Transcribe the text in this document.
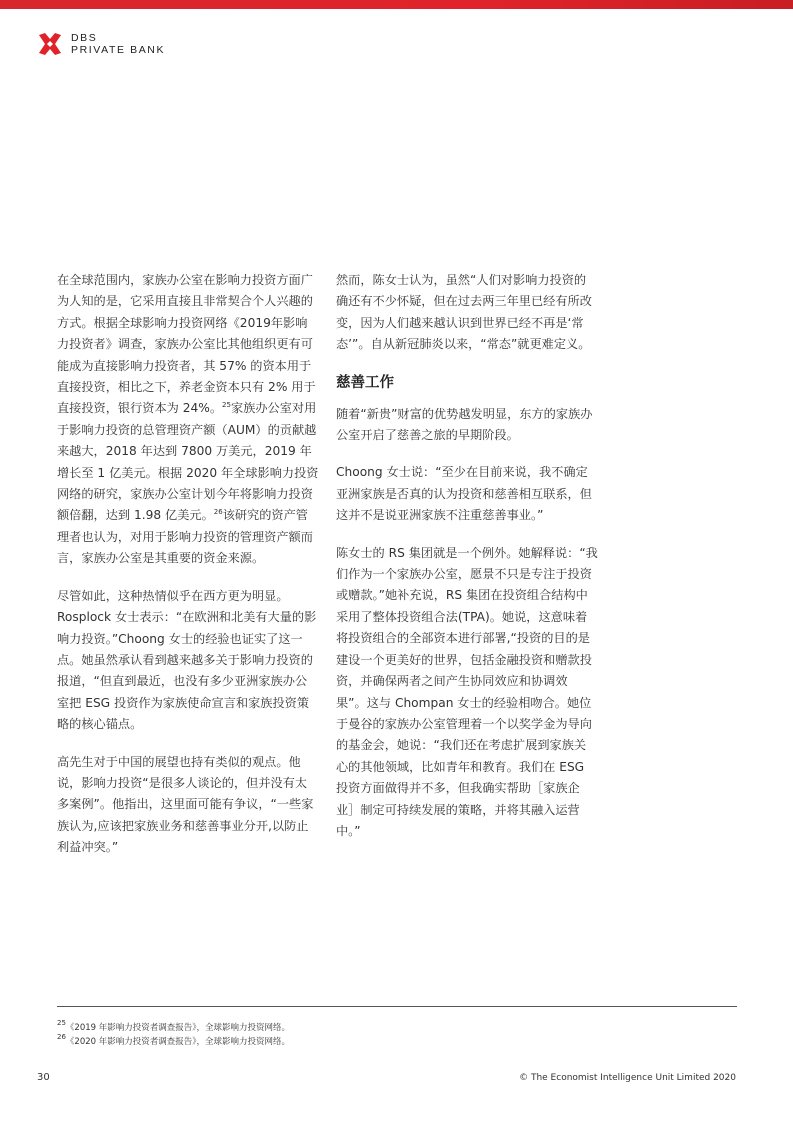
DBS
PRIVATE BANK

在全球范围内，家族办公室在影响力投资方面广为人知的是，它采用直接且非常契合个人兴趣的方式。根据全球影响力投资网络《2019年影响力投资者》调查，家族办公室比其他组织更有可能成为直接影响力投资者，其 57% 的资本用于直接投资，相比之下，养老金资本只有 2% 用于直接投资，银行资本为 24%。$^{25}$家族办公室对用于影响力投资的总管理资产额（AUM）的贡献越来越大，2018 年达到 7800 万美元，2019 年增长至 1 亿美元。根据 2020 年全球影响力投资网络的研究，家族办公室计划今年将影响力投资额倍翻，达到 1.98 亿美元。$^{26}$该研究的资产管理者也认为，对用于影响力投资的管理资产额而言，家族办公室是其重要的资金来源。

尽管如此，这种热情似乎在西方更为明显。Rosplock 女士表示：“在欧洲和北美有大量的影响力投资。”Choong 女士的经验也证实了这一点。她虽然承认看到越来越多关于影响力投资的报道，“但直到最近，也没有多少亚洲家族办公室把 ESG 投资作为家族使命宣言和家族投资策略的核心锚点。

高先生对于中国的展望也持有类似的观点。他说，影响力投资“是很多人谈论的，但并没有太多案例”。他指出，这里面可能有争议，“一些家族认为,应该把家族业务和慈善事业分开,以防止利益冲突。”

然而，陈女士认为，虽然“人们对影响力投资的确还有不少怀疑，但在过去两三年里已经有所改变，因为人们越来越认识到世界已经不再是‘常态’”。自从新冠肺炎以来，“常态”就更难定义。

慈善工作

随着“新贵”财富的优势越发明显，东方的家族办公室开启了慈善之旅的早期阶段。

Choong 女士说：“至少在目前来说，我不确定亚洲家族是否真的认为投资和慈善相互联系，但这并不是说亚洲家族不注重慈善事业。”

陈女士的 RS 集团就是一个例外。她解释说：“我们作为一个家族办公室，愿景不只是专注于投资或赠款。”她补充说，RS 集团在投资组合结构中采用了整体投资组合法(TPA)。她说，这意味着将投资组合的全部资本进行部署,“投资的目的是建设一个更美好的世界，包括金融投资和赠款投资，并确保两者之间产生协同效应和协调效果”。这与 Chompan 女士的经验相吻合。她位于曼谷的家族办公室管理着一个以奖学金为导向的基金会，她说：“我们还在考虑扩展到家族关心的其他领域，比如青年和教育。我们在 ESG 投资方面做得并不多，但我确实帮助［家族企业］制定可持续发展的策略，并将其融入运营中。”

$^{25}$《2019 年影响力投资者调查报告》，全球影响力投资网络。
$^{26}$《2020 年影响力投资者调查报告》，全球影响力投资网络。
30	© The Economist Intelligence Unit Limited 2020
